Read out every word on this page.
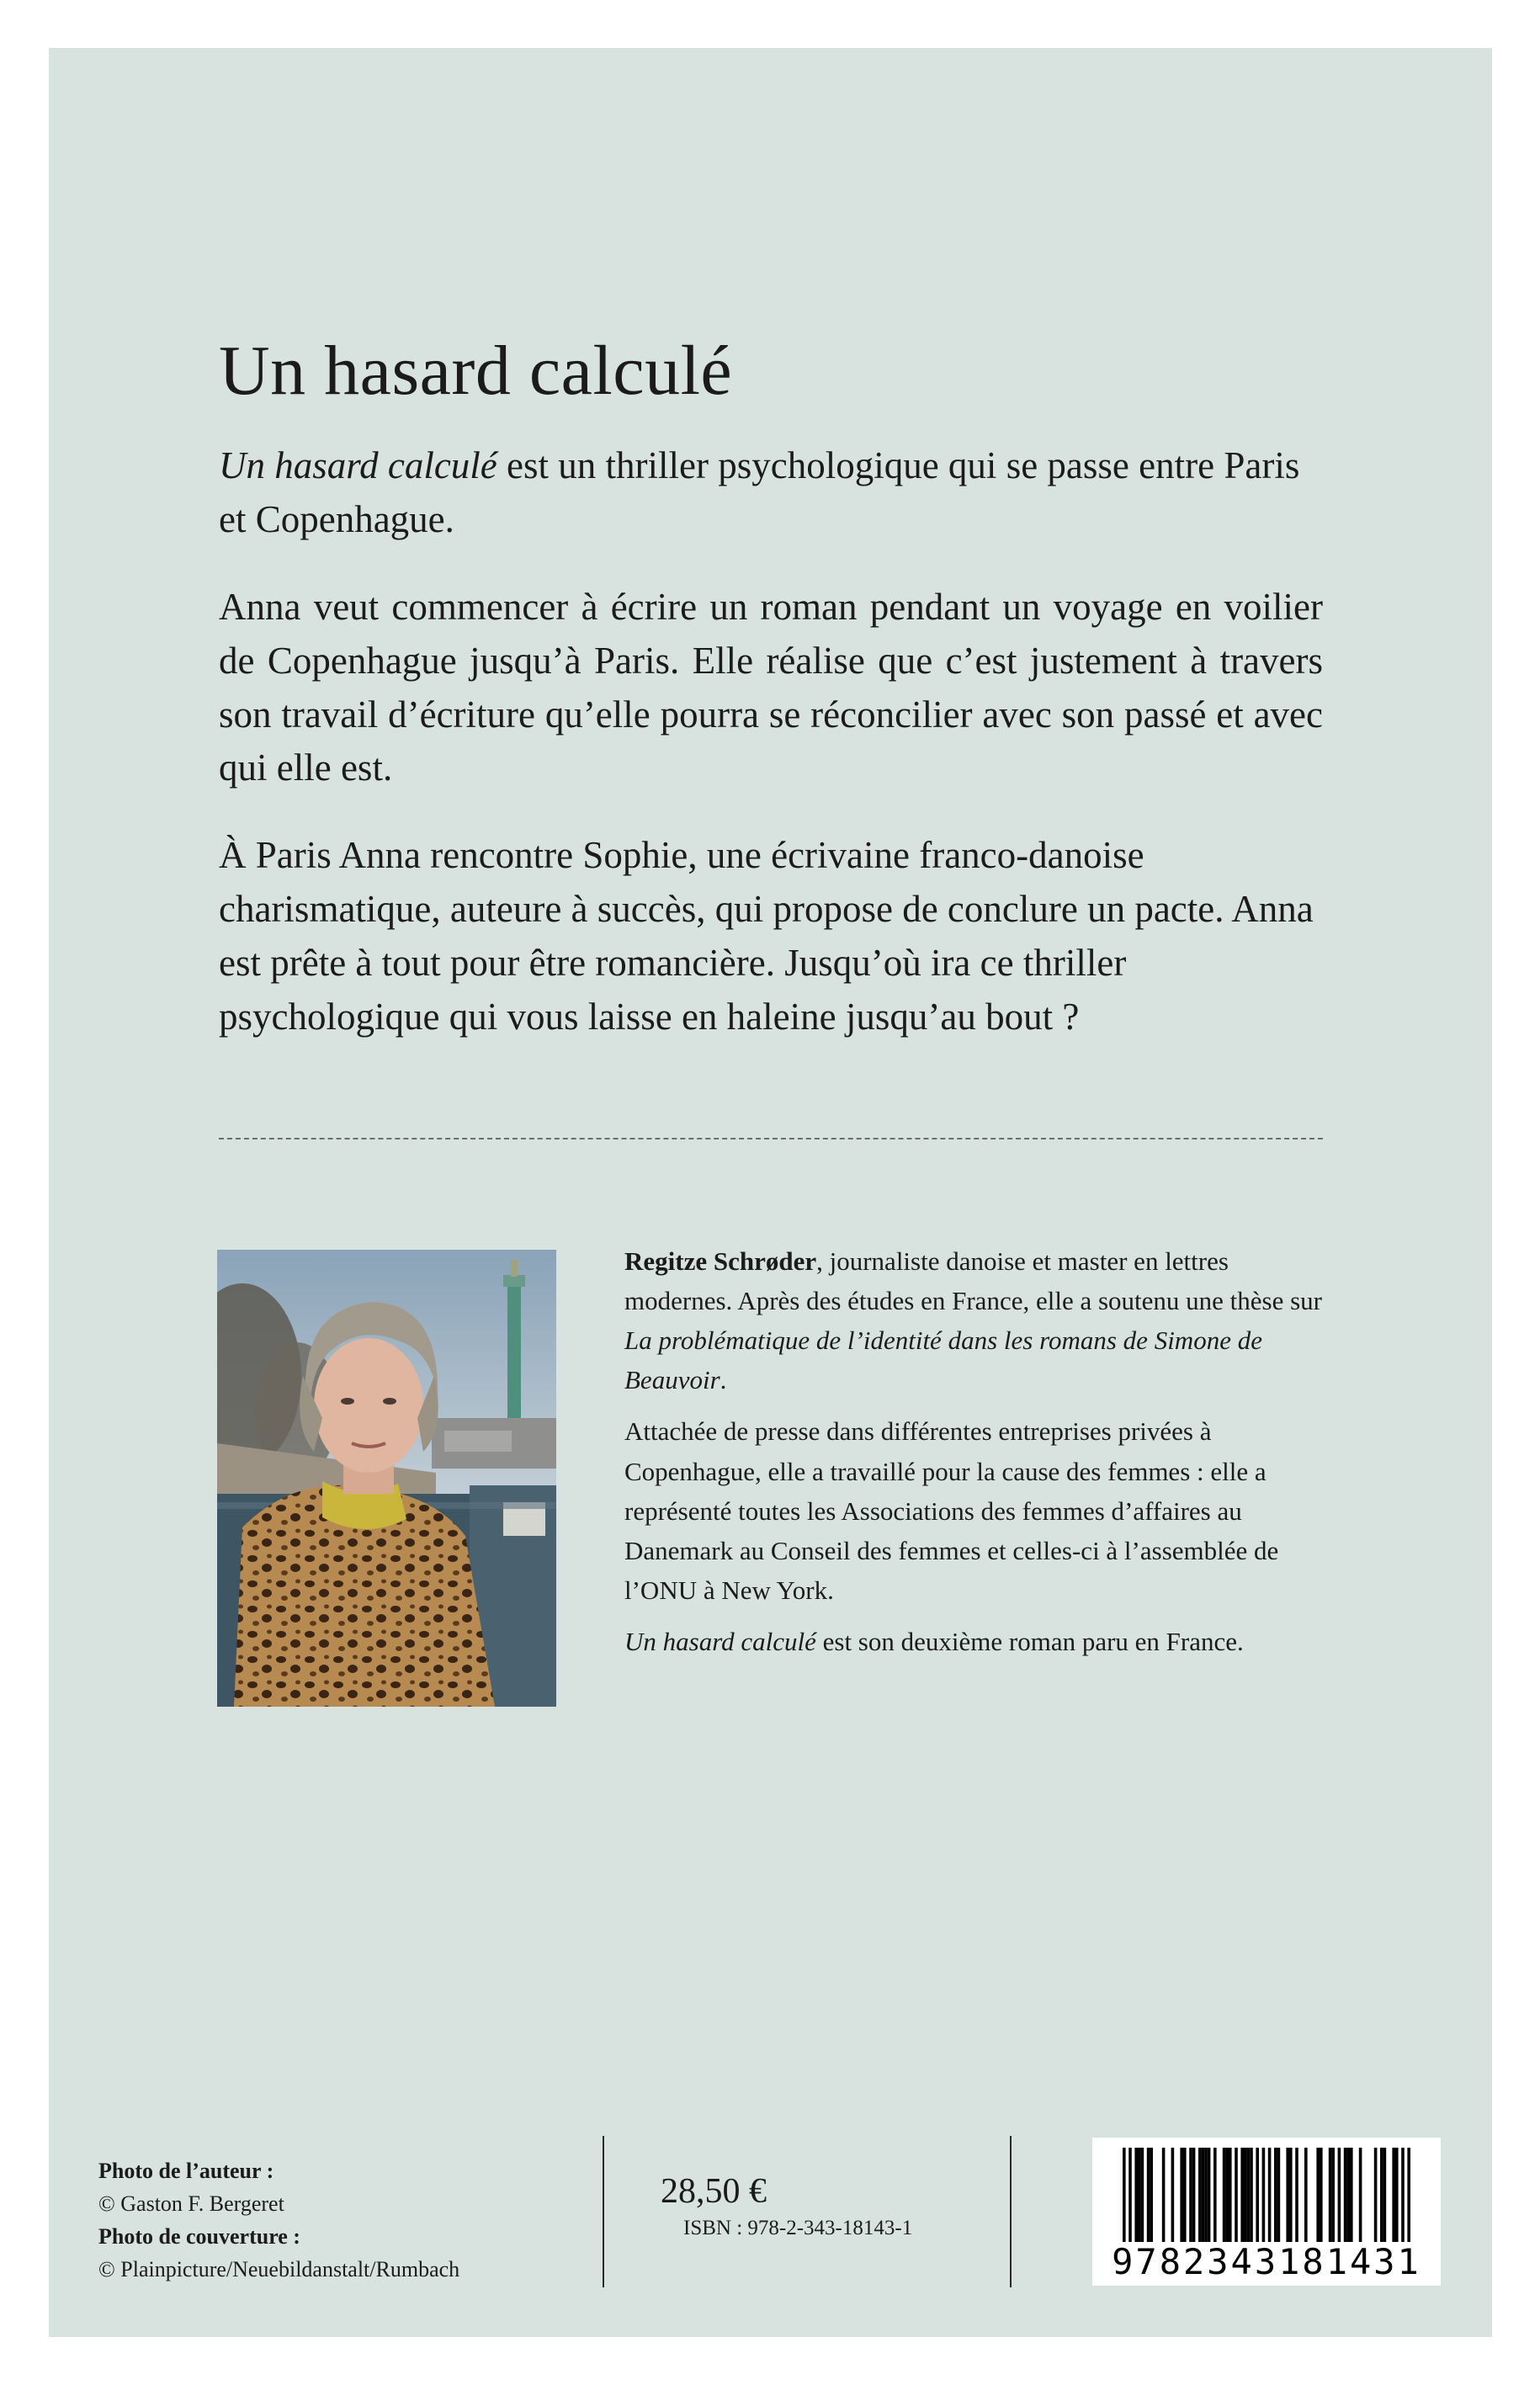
Un hasard calculé

Un hasard calculé est un thriller psychologique qui se passe entre Paris et Copenhague.

Anna veut commencer à écrire un roman pendant un voyage en voilier de Copenhague jusqu’à Paris. Elle réalise que c’est justement à travers son travail d’écriture qu’elle pourra se réconcilier avec son passé et avec qui elle est.

À Paris Anna rencontre Sophie, une écrivaine franco-danoise charismatique, auteure à succès, qui propose de conclure un pacte. Anna est prête à tout pour être romancière. Jusqu’où ira ce thriller psychologique qui vous laisse en haleine jusqu’au bout ?

Regitze Schrøder, journaliste danoise et master en lettres modernes. Après des études en France, elle a soutenu une thèse sur La problématique de l’identité dans les romans de Simone de Beauvoir.

Attachée de presse dans différentes entreprises privées à Copenhague, elle a travaillé pour la cause des femmes : elle a représenté toutes les Associations des femmes d’affaires au Danemark au Conseil des femmes et celles-ci à l’assemblée de l’ONU à New York.

Un hasard calculé est son deuxième roman paru en France.

Photo de l’auteur :
© Gaston F. Bergeret
Photo de couverture :
© Plainpicture/Neuebildanstalt/Rumbach
28,50 €
ISBN : 978-2-343-18143-1
9782343181431
